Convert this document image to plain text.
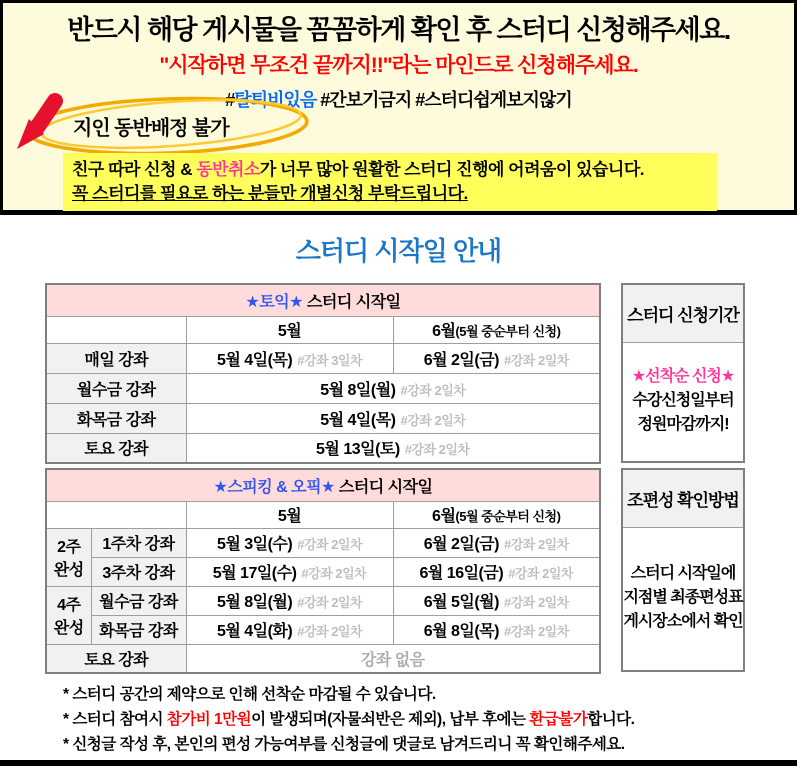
반드시 해당 게시물을 꼼꼼하게 확인 후 스터디 신청해주세요.
"시작하면 무조건 끝까지!!"라는 마인드로 신청해주세요.
#탈퇴비있음 #간보기금지 #스터디쉽게보지않기
지인 동반배정 불가
친구 따라 신청 & 동반취소가 너무 많아 원활한 스터디 진행에 어려움이 있습니다.
꼭 스터디를 필요로 하는 분들만 개별신청 부탁드립니다.
스터디 시작일 안내
★토익★ 스터디 시작일		
	5월	6월(5월 중순부터 신청)
매일 강좌	5월 4일(목) #강좌 3일차	6월 2일(금) #강좌 2일차
월수금 강좌	5월 8일(월) #강좌 2일차	
화목금 강좌	5월 4일(목) #강좌 2일차	
토요 강좌	5월 13일(토) #강좌 2일차	
스터디 신청기간
★선착순 신청★
수강신청일부터
정원마감까지!
★스피킹 & 오픽★ 스터디 시작일			
		5월	6월(5월 중순부터 신청)

2주
완성	1주차 강좌	5월 3일(수) #강좌 2일차	6월 2일(금) #강좌 2일차
	3주차 강좌	5월 17일(수) #강좌 2일차	6월 16일(금) #강좌 2일차

4주
완성	월수금 강좌	5월 8일(월) #강좌 2일차	6월 5일(월) #강좌 2일차
	화목금 강좌	5월 4일(화) #강좌 2일차	6월 8일(목) #강좌 2일차
토요 강좌		강좌 없음	
조편성 확인방법
스터디 시작일에
지점별 최종편성표
게시장소에서 확인
* 스터디 공간의 제약으로 인해 선착순 마감될 수 있습니다.
* 스터디 참여시 참가비 1만원이 발생되며(자물쇠반은 제외), 납부 후에는 환급불가합니다.
* 신청글 작성 후, 본인의 편성 가능여부를 신청글에 댓글로 남겨드리니 꼭 확인해주세요.
